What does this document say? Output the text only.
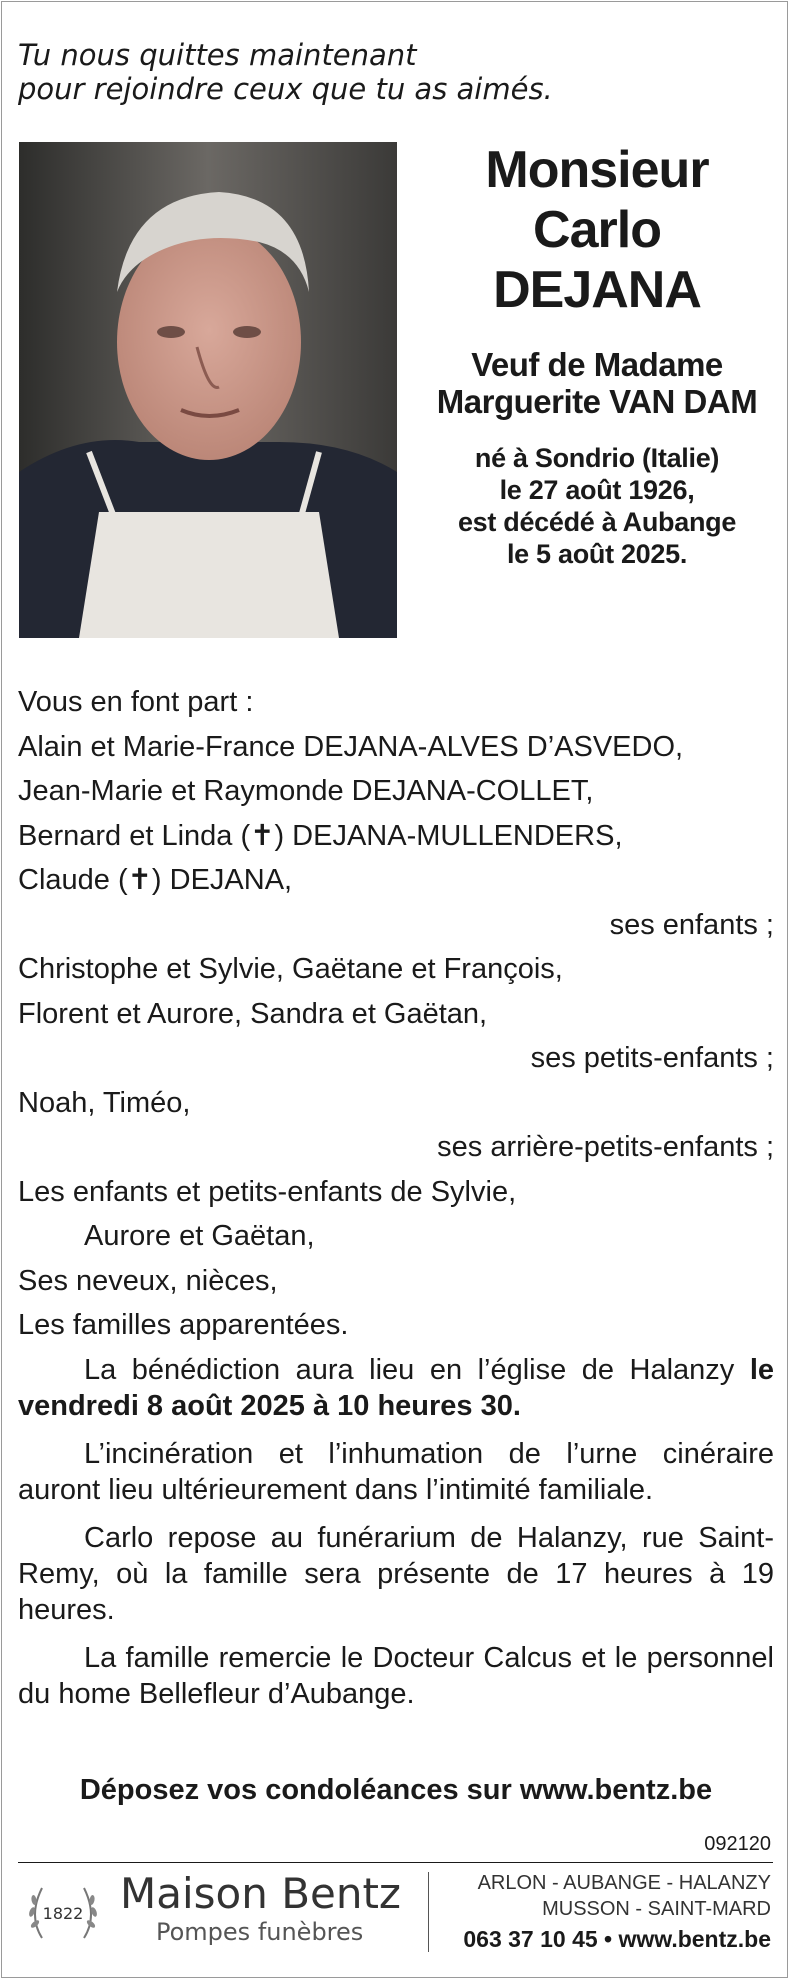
Tu nous quittes maintenant
pour rejoindre ceux que tu as aimés.
Monsieur
Carlo
DEJANA
Veuf de Madame
Marguerite VAN DAM
né à Sondrio (Italie)
le 27 août 1926,
est décédé à Aubange
le 5 août 2025.
Vous en font part :
Alain et Marie-France DEJANA-ALVES D’ASVEDO,
Jean-Marie et Raymonde DEJANA-COLLET,
Bernard et Linda (✝) DEJANA-MULLENDERS,
Claude (✝) DEJANA,
ses enfants ;
Christophe et Sylvie, Gaëtane et François,
Florent et Aurore, Sandra et Gaëtan,
ses petits-enfants ;
Noah, Timéo,
ses arrière-petits-enfants ;
Les enfants et petits-enfants de Sylvie,
Aurore et Gaëtan,
Ses neveux, nièces,
Les familles apparentées.
La bénédiction aura lieu en l’église de Halanzy le vendredi 8 août 2025 à 10 heures 30.
L’incinération et l’inhumation de l’urne cinéraire auront lieu ultérieurement dans l’intimité familiale.
Carlo repose au funérarium de Halanzy, rue Saint-Remy, où la famille sera présente de 17 heures à 19 heures.
La famille remercie le Docteur Calcus et le personnel du home Bellefleur d’Aubange.
Déposez vos condoléances sur www.bentz.be
092120
1822 Maison Bentz
Pompes funèbres
ARLON - AUBANGE - HALANZY
MUSSON - SAINT-MARD
063 37 10 45 • www.bentz.be
